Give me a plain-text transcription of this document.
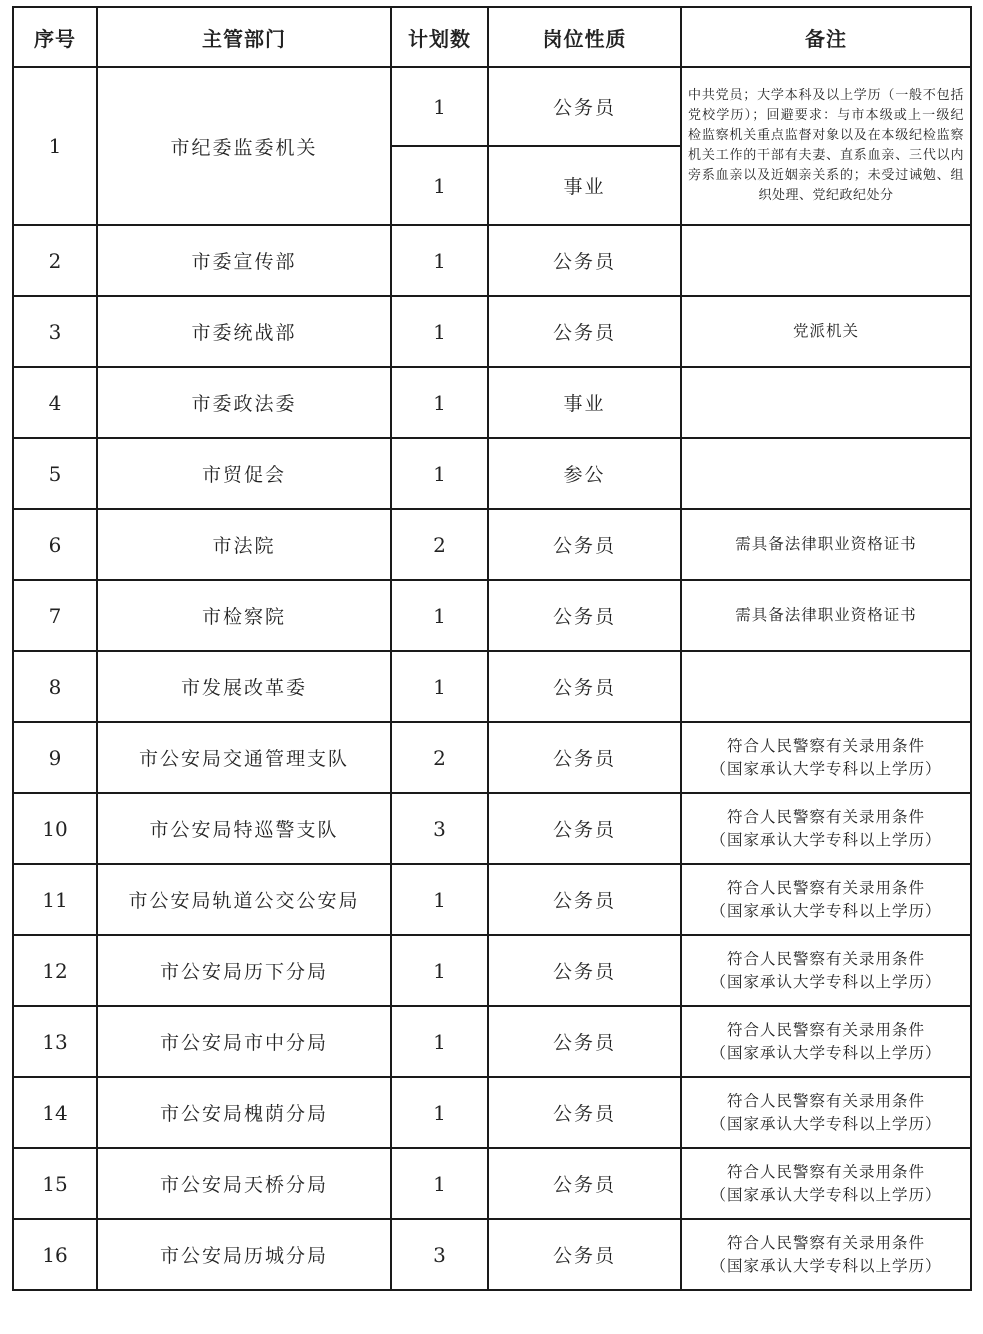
序号	主管部门	计划数	岗位性质	备注
1	市纪委监委机关	1	公务员	中共党员；大学本科及以上学历（一般不包括党校学历）；回避要求：与市本级或上一级纪检监察机关重点监督对象以及在本级纪检监察机关工作的干部有夫妻、直系血亲、三代以内旁系血亲以及近姻亲关系的；未受过诫勉、组织处理、党纪政纪处分
		1	事业	
2	市委宣传部	1	公务员	

3	市委统战部	1	公务员	党派机关

4	市委政法委	1	事业	

5	市贸促会	1	参公	

6	市法院	2	公务员	需具备法律职业资格证书

7	市检察院	1	公务员	需具备法律职业资格证书

8	市发展改革委	1	公务员	

9	市公安局交通管理支队	2	公务员	符合人民警察有关录用条件
（国家承认大学专科以上学历）

10	市公安局特巡警支队	3	公务员	符合人民警察有关录用条件
（国家承认大学专科以上学历）

11	市公安局轨道公交公安局	1	公务员	符合人民警察有关录用条件
（国家承认大学专科以上学历）

12	市公安局历下分局	1	公务员	符合人民警察有关录用条件
（国家承认大学专科以上学历）

13	市公安局市中分局	1	公务员	符合人民警察有关录用条件
（国家承认大学专科以上学历）

14	市公安局槐荫分局	1	公务员	符合人民警察有关录用条件
（国家承认大学专科以上学历）

15	市公安局天桥分局	1	公务员	符合人民警察有关录用条件
（国家承认大学专科以上学历）

16	市公安局历城分局	3	公务员	符合人民警察有关录用条件
（国家承认大学专科以上学历）
